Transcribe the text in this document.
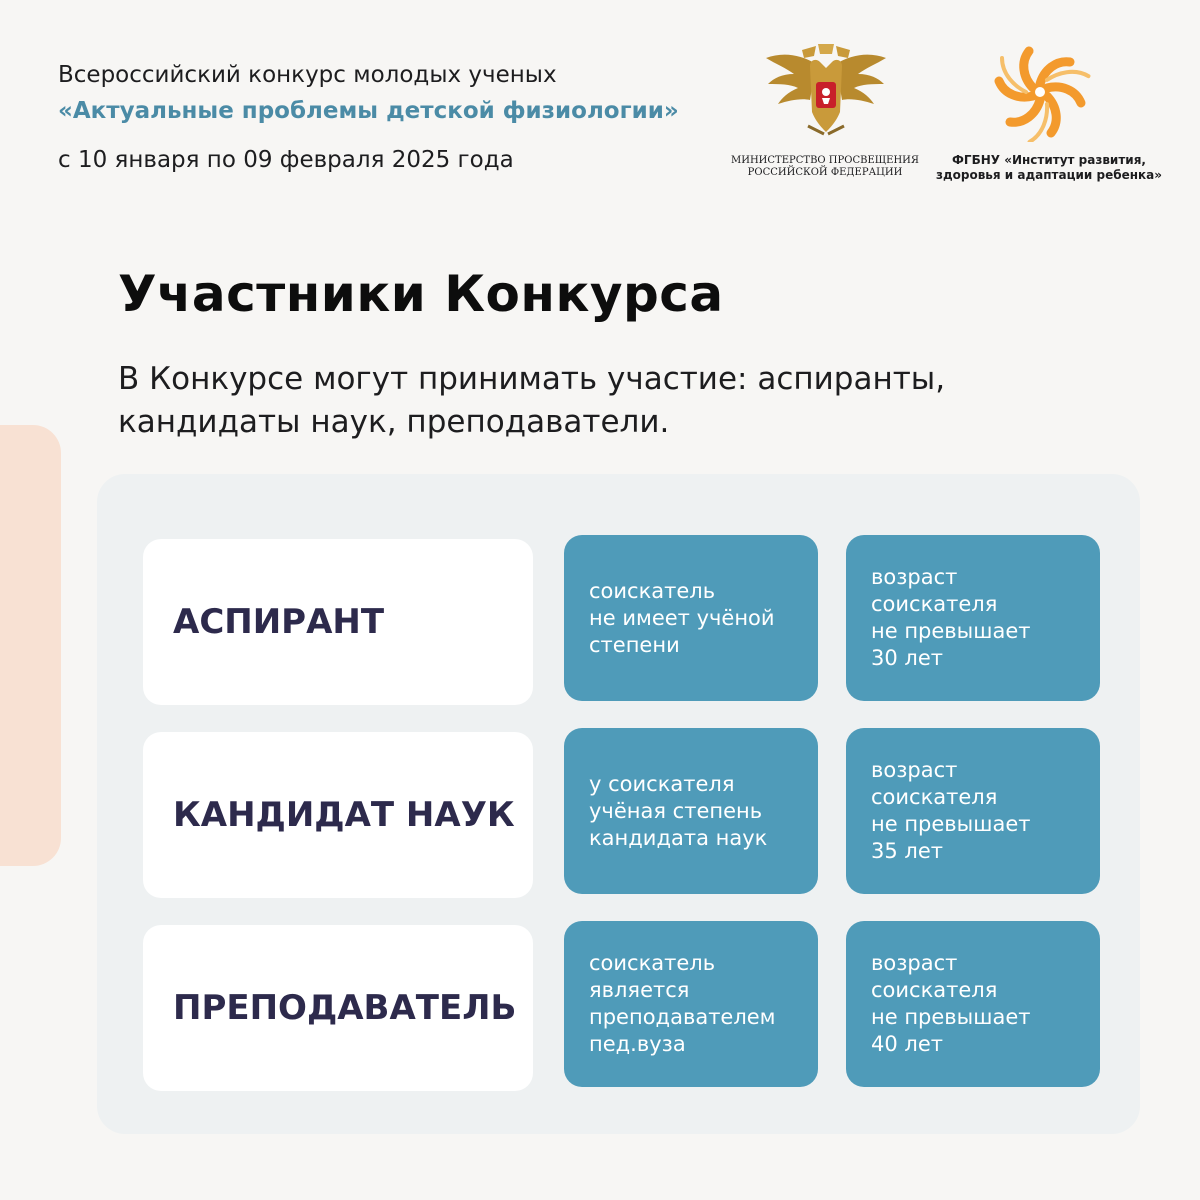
Всероссийский конкурс молодых ученых
«Актуальные проблемы детской физиологии»
с 10 января по 09 февраля 2025 года	МИНИСТЕРСТВО ПРОСВЕЩЕНИЯ
РОССИЙСКОЙ ФЕДЕРАЦИИ
ФГБНУ «Институт развития,
здоровья и адаптации ребенка»
Участники Конкурса
В Конкурсе могут принимать участие: аспиранты,
кандидаты наук, преподаватели.
АСПИРАНТ
соискатель
не имеет учёной
степени
возраст
соискателя
не превышает
30 лет
КАНДИДАТ НАУК
у соискателя
учёная степень
кандидата наук
возраст
соискателя
не превышает
35 лет
ПРЕПОДАВАТЕЛЬ
соискатель
является
преподавателем
пед.вуза
возраст
соискателя
не превышает
40 лет
